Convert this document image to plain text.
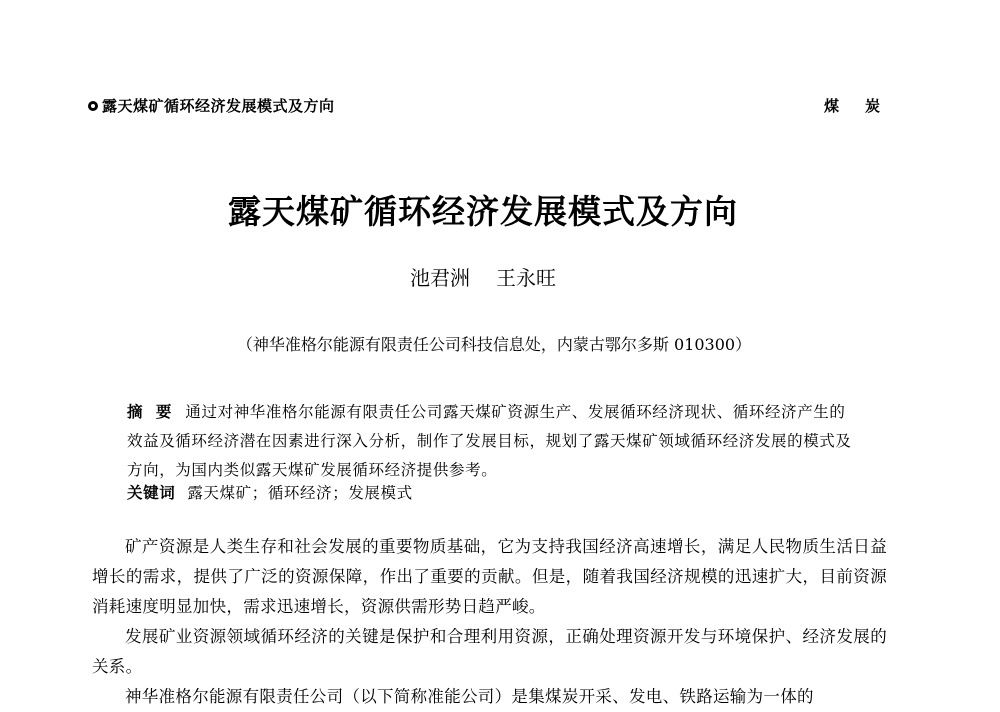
露天煤矿循环经济发展模式及方向	煤炭
露天煤矿循环经济发展模式及方向
池君洲 王永旺
（神华准格尔能源有限责任公司科技信息处，内蒙古鄂尔多斯 010300）
摘 要 通过对神华准格尔能源有限责任公司露天煤矿资源生产、发展循环经济现状、循环经济产生的效益及循环经济潜在因素进行深入分析，制作了发展目标，规划了露天煤矿领域循环经济发展的模式及方向，为国内类似露天煤矿发展循环经济提供参考。
关键词 露天煤矿；循环经济；发展模式

矿产资源是人类生存和社会发展的重要物质基础，它为支持我国经济高速增长，满足人民物质生活日益增长的需求，提供了广泛的资源保障，作出了重要的贡献。但是，随着我国经济规模的迅速扩大，目前资源消耗速度明显加快，需求迅速增长，资源供需形势日趋严峻。

发展矿业资源领域循环经济的关键是保护和合理利用资源，正确处理资源开发与环境保护、经济发展的关系。

神华准格尔能源有限责任公司（以下简称准能公司）是集煤炭开采、发电、铁路运输为一体的
